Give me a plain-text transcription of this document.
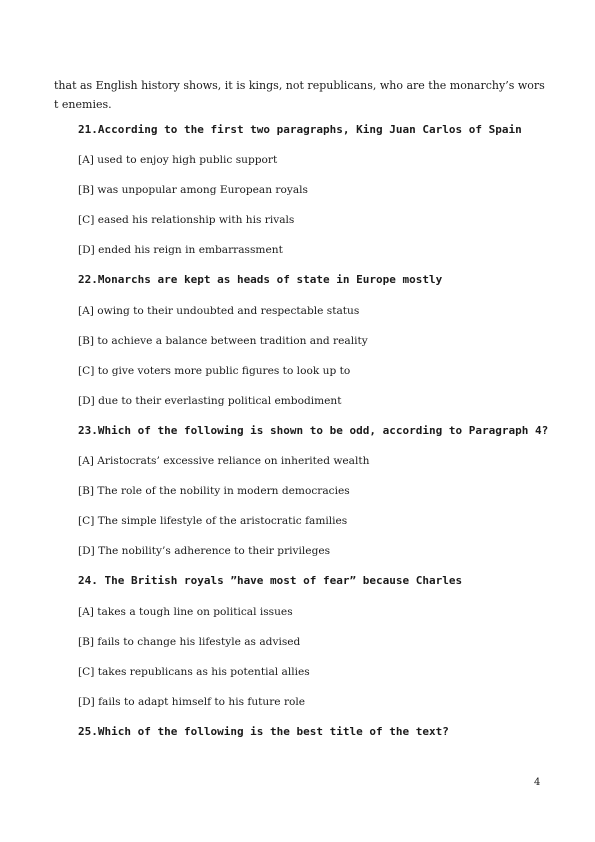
that as English history shows, it is kings, not republicans, who are the monarchy’s worst enemies.

21.According to the first two paragraphs, King Juan Carlos of Spain

[A] used to enjoy high public support

[B] was unpopular among European royals

[C] eased his relationship with his rivals

[D] ended his reign in embarrassment

22.Monarchs are kept as heads of state in Europe mostly

[A] owing to their undoubted and respectable status

[B] to achieve a balance between tradition and reality

[C] to give voters more public figures to look up to

[D] due to their everlasting political embodiment

23.Which of the following is shown to be odd, according to Paragraph 4?

[A] Aristocrats’ excessive reliance on inherited wealth

[B] The role of the nobility in modern democracies

[C] The simple lifestyle of the aristocratic families

[D] The nobility’s adherence to their privileges

24. The British royals ”have most of fear” because Charles

[A] takes a tough line on political issues

[B] fails to change his lifestyle as advised

[C] takes republicans as his potential allies

[D] fails to adapt himself to his future role

25.Which of the following is the best title of the text?

4
